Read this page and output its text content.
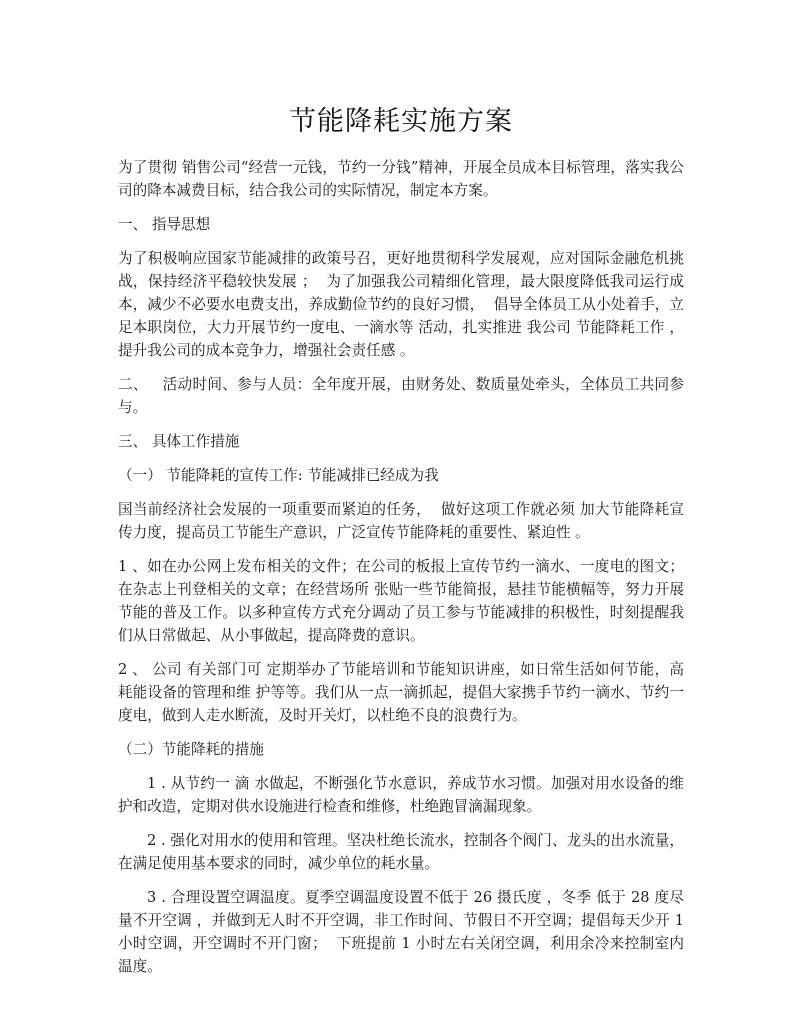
节能降耗实施方案

为了贯彻 销售公司“经营一元钱，节约一分钱”精神，开展全员成本目标管理，落实我公司的降本减费目标，结合我公司的实际情况，制定本方案。

一、 指导思想

为了积极响应国家节能减排的政策号召，更好地贯彻科学发展观，应对国际金融危机挑战，保持经济平稳较快发展 ；  为了加强我公司精细化管理，最大限度降低我司运行成本，减少不必要水电费支出，养成勤俭节约的良好习惯，  倡导全体员工从小处着手，立足本职岗位，大力开展节约一度电、一滴水等 活动，扎实推进 我公司 节能降耗工作 ，提升我公司的成本竞争力，增强社会责任感 。

二、   活动时间、参与人员：全年度开展，由财务处、数质量处牵头，全体员工共同参与。

三、 具体工作措施

（一） 节能降耗的宣传工作: 节能减排已经成为我

国当前经济社会发展的一项重要而紧迫的任务，  做好这项工作就必须 加大节能降耗宣传力度，提高员工节能生产意识，广泛宣传节能降耗的重要性、紧迫性 。

1 、如在办公网上发布相关的文件；在公司的板报上宣传节约一滴水、一度电的图文；在杂志上刊登相关的文章；在经营场所 张贴一些节能简报，悬挂节能横幅等，努力开展节能的普及工作。以多种宣传方式充分调动了员工参与节能减排的积极性，时刻提醒我们从日常做起、从小事做起，提高降费的意识。

2 、 公司 有关部门可 定期举办了节能培训和节能知识讲座，如日常生活如何节能，高耗能设备的管理和维 护等等。我们从一点一滴抓起，提倡大家携手节约一滴水、节约一度电，做到人走水断流，及时开关灯，以杜绝不良的浪费行为。

（二）节能降耗的措施

1 . 从节约一 滴 水做起，不断强化节水意识，养成节水习惯。加强对用水设备的维护和改造，定期对供水设施进行检查和维修，杜绝跑冒滴漏现象。

2 . 强化对用水的使用和管理。坚决杜绝长流水，控制各个阀门、龙头的出水流量，在满足使用基本要求的同时，减少单位的耗水量。

3 . 合理设置空调温度。夏季空调温度设置不低于 26 摄氏度 ，冬季 低于 28 度尽量不开空调 ，并做到无人时不开空调，非工作时间、节假日不开空调；提倡每天少开 1 小时空调，开空调时不开门窗；  下班提前 1 小时左右关闭空调，利用余冷来控制室内温度。
